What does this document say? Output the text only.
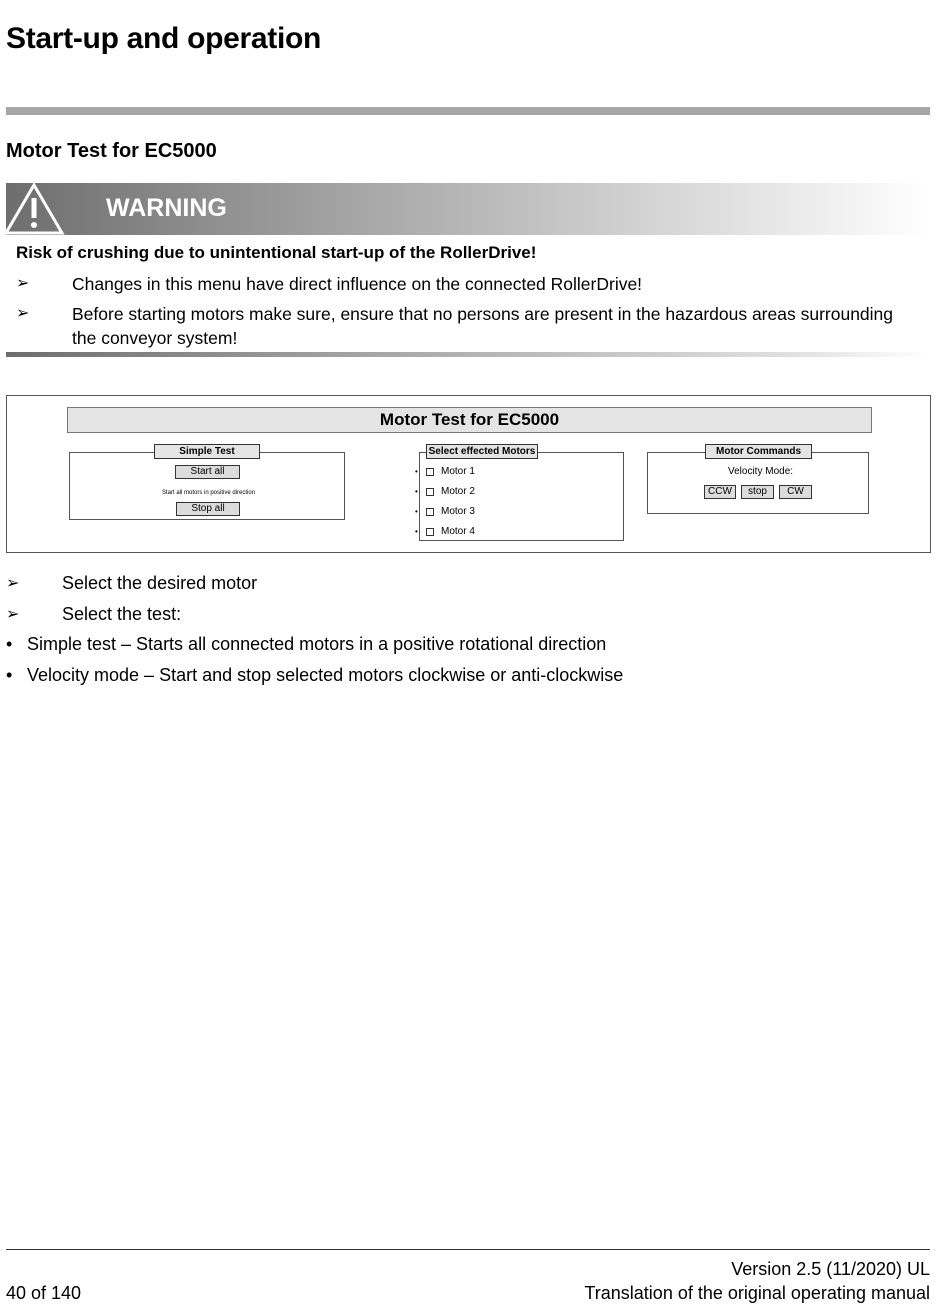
Start-up and operation
Motor Test for EC5000
WARNING
Risk of crushing due to unintentional start-up of the RollerDrive!
➢ Changes in this menu have direct influence on the connected RollerDrive!
➢ Before starting motors make sure, ensure that no persons are present in the hazardous areas surrounding the conveyor system!
Motor Test for EC5000
Simple Test
Start all
Start all motors in positive direction
Stop all
Select effected Motors
• Motor 1
• Motor 2
• Motor 3
• Motor 4
Motor Commands
Velocity Mode:
CCW	stop	CW
➢ Select the desired motor
➢ Select the test:
• Simple test – Starts all connected motors in a positive rotational direction
• Velocity mode – Start and stop selected motors clockwise or anti-clockwise
Version 2.5 (11/2020) UL
40 of 140	Translation of the original operating manual
